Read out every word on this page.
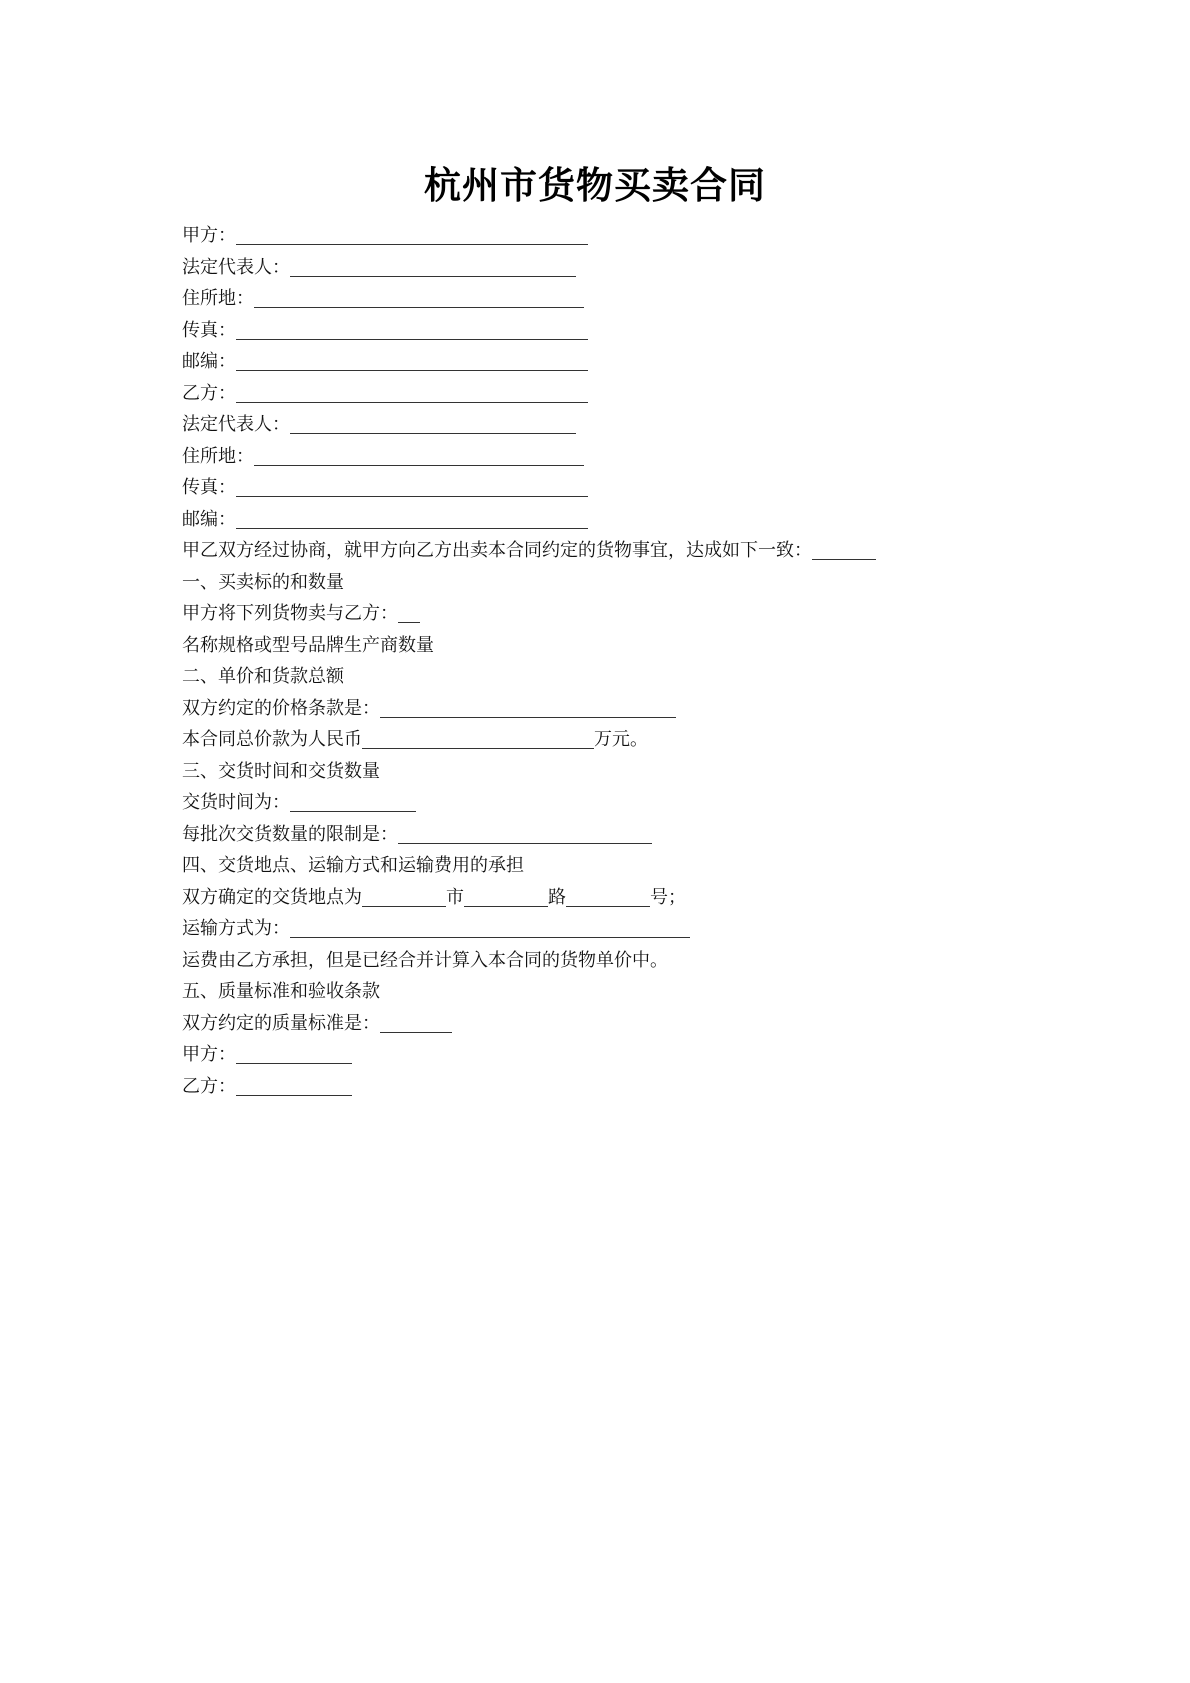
杭州市货物买卖合同
甲方：
法定代表人：
住所地：
传真：
邮编：
乙方：
法定代表人：
住所地：
传真：
邮编：
甲乙双方经过协商，就甲方向乙方出卖本合同约定的货物事宜，达成如下一致：
一、买卖标的和数量
甲方将下列货物卖与乙方：
名称规格或型号品牌生产商数量
二、单价和货款总额
双方约定的价格条款是：
本合同总价款为人民币	万元。
三、交货时间和交货数量
交货时间为：
每批次交货数量的限制是：
四、交货地点、运输方式和运输费用的承担
双方确定的交货地点为	市	路	号；
运输方式为：
运费由乙方承担，但是已经合并计算入本合同的货物单价中。
五、质量标准和验收条款
双方约定的质量标准是：
甲方：
乙方：
